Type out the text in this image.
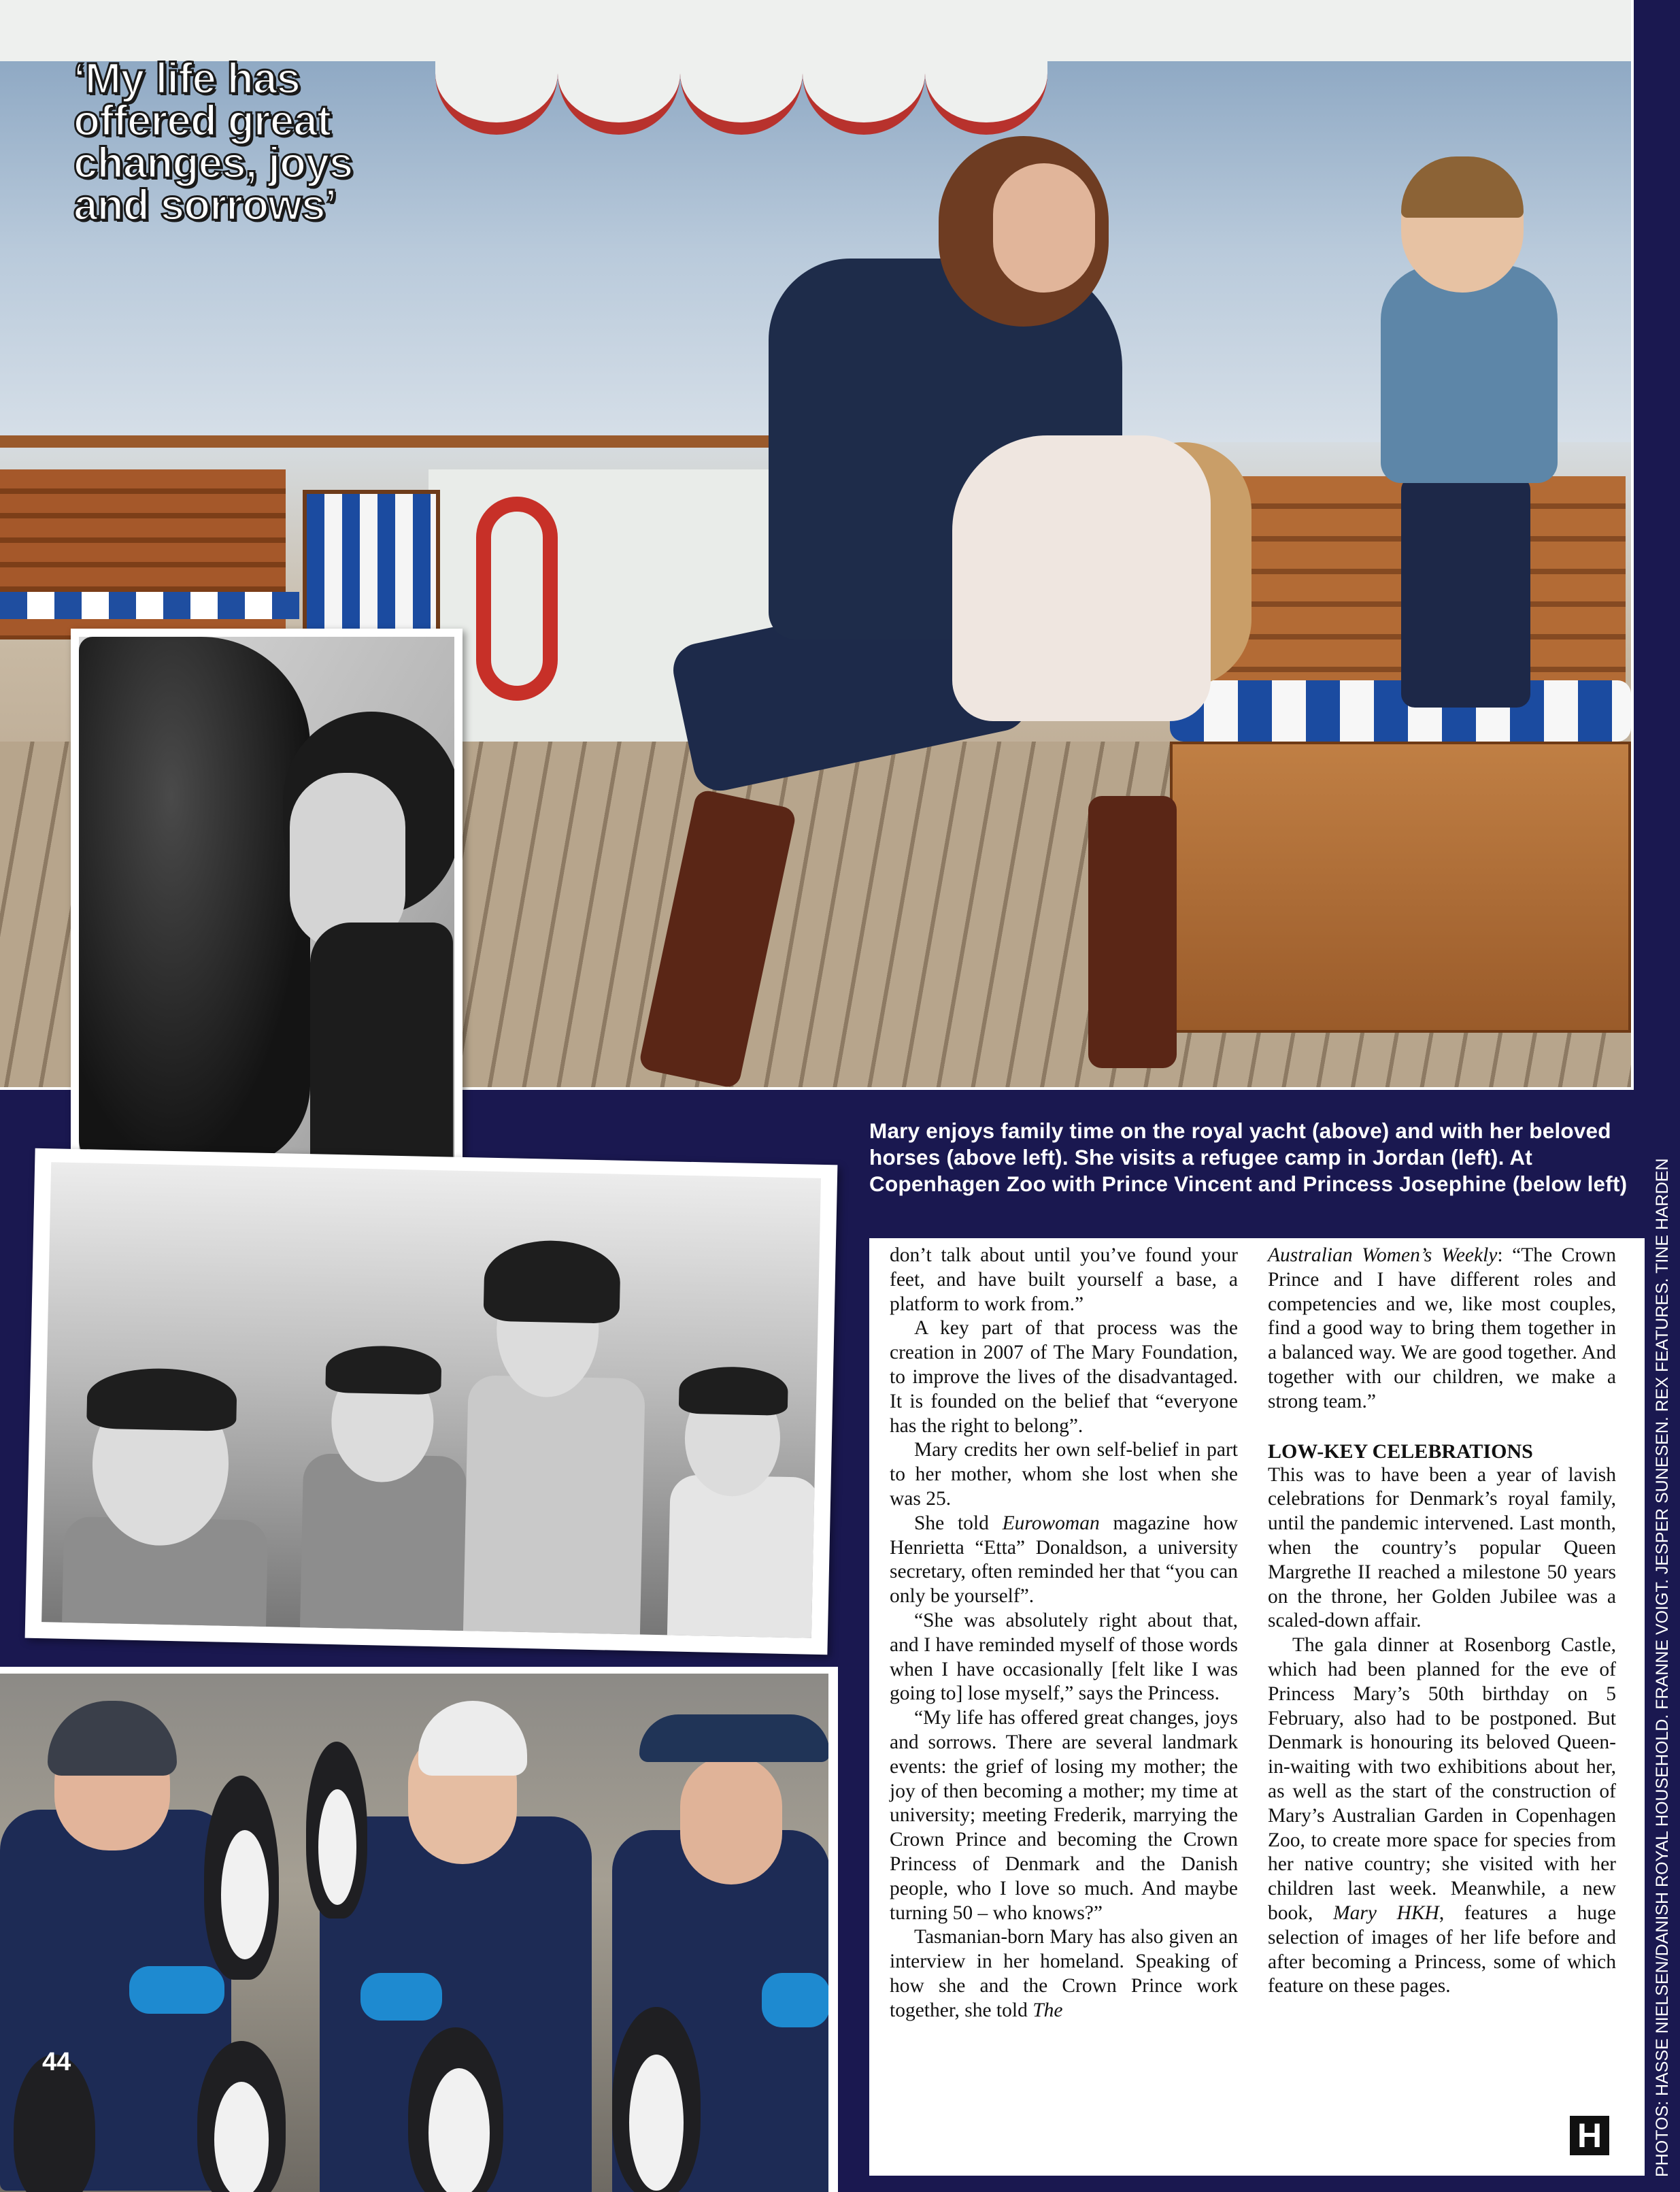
‘My life has
offered great
changes, joys
and sorrows’
Mary enjoys family time on the royal yacht (above) and with her beloved horses (above left). She visits a refugee camp in Jordan (left). At Copenhagen Zoo with Prince Vincent and Princess Josephine (below left)
44

don’t talk about until you’ve found your feet, and have built yourself a base, a platform to work from.”

A key part of that process was the creation in 2007 of The Mary Foundation, to improve the lives of the disadvantaged. It is founded on the belief that “everyone has the right to belong”.

Mary credits her own self-belief in part to her mother, whom she lost when she was 25.

She told Eurowoman magazine how Henrietta “Etta” Donaldson, a university secretary, often reminded her that “you can only be yourself”.

“She was absolutely right about that, and I have reminded myself of those words when I have occasionally [felt like I was going to] lose myself,” says the Princess.

“My life has offered great changes, joys and sorrows. There are several landmark events: the grief of losing my mother; the joy of then becoming a mother; my time at university; meeting Frederik, marrying the Crown Prince and becoming the Crown Princess of Denmark and the Danish people, who I love so much. And maybe turning 50 – who knows?”

Tasmanian-born Mary has also given an interview in her homeland. Speaking of how she and the Crown Prince work together, she told The

Australian Women’s Weekly: “The Crown Prince and I have different roles and competencies and we, like most couples, find a good way to bring them together in a balanced way. We are good together. And together with our children, we make a strong team.”

LOW-KEY CELEBRATIONS

This was to have been a year of lavish celebrations for Denmark’s royal family, until the pandemic intervened. Last month, when the country’s popular Queen Margrethe II reached a milestone 50 years on the throne, her Golden Jubilee was a scaled-down affair.

The gala dinner at Rosenborg Castle, which had been planned for the eve of Princess Mary’s 50th birthday on 5 February, also had to be postponed. But Denmark is honouring its beloved Queen-in-waiting with two exhibitions about her, as well as the start of the construction of Mary’s Australian Garden in Copenhagen Zoo, to create more space for species from her native country; she visited with her children last week. Meanwhile, a new book, Mary HKH, features a huge selection of images of her life before and after becoming a Princess, some of which feature on these pages.

H	PHOTOS: HASSE NIELSEN/DANISH ROYAL HOUSEHOLD. FRANNE VOIGT. JESPER SUNESEN. REX FEATURES. TINE HARDEN
